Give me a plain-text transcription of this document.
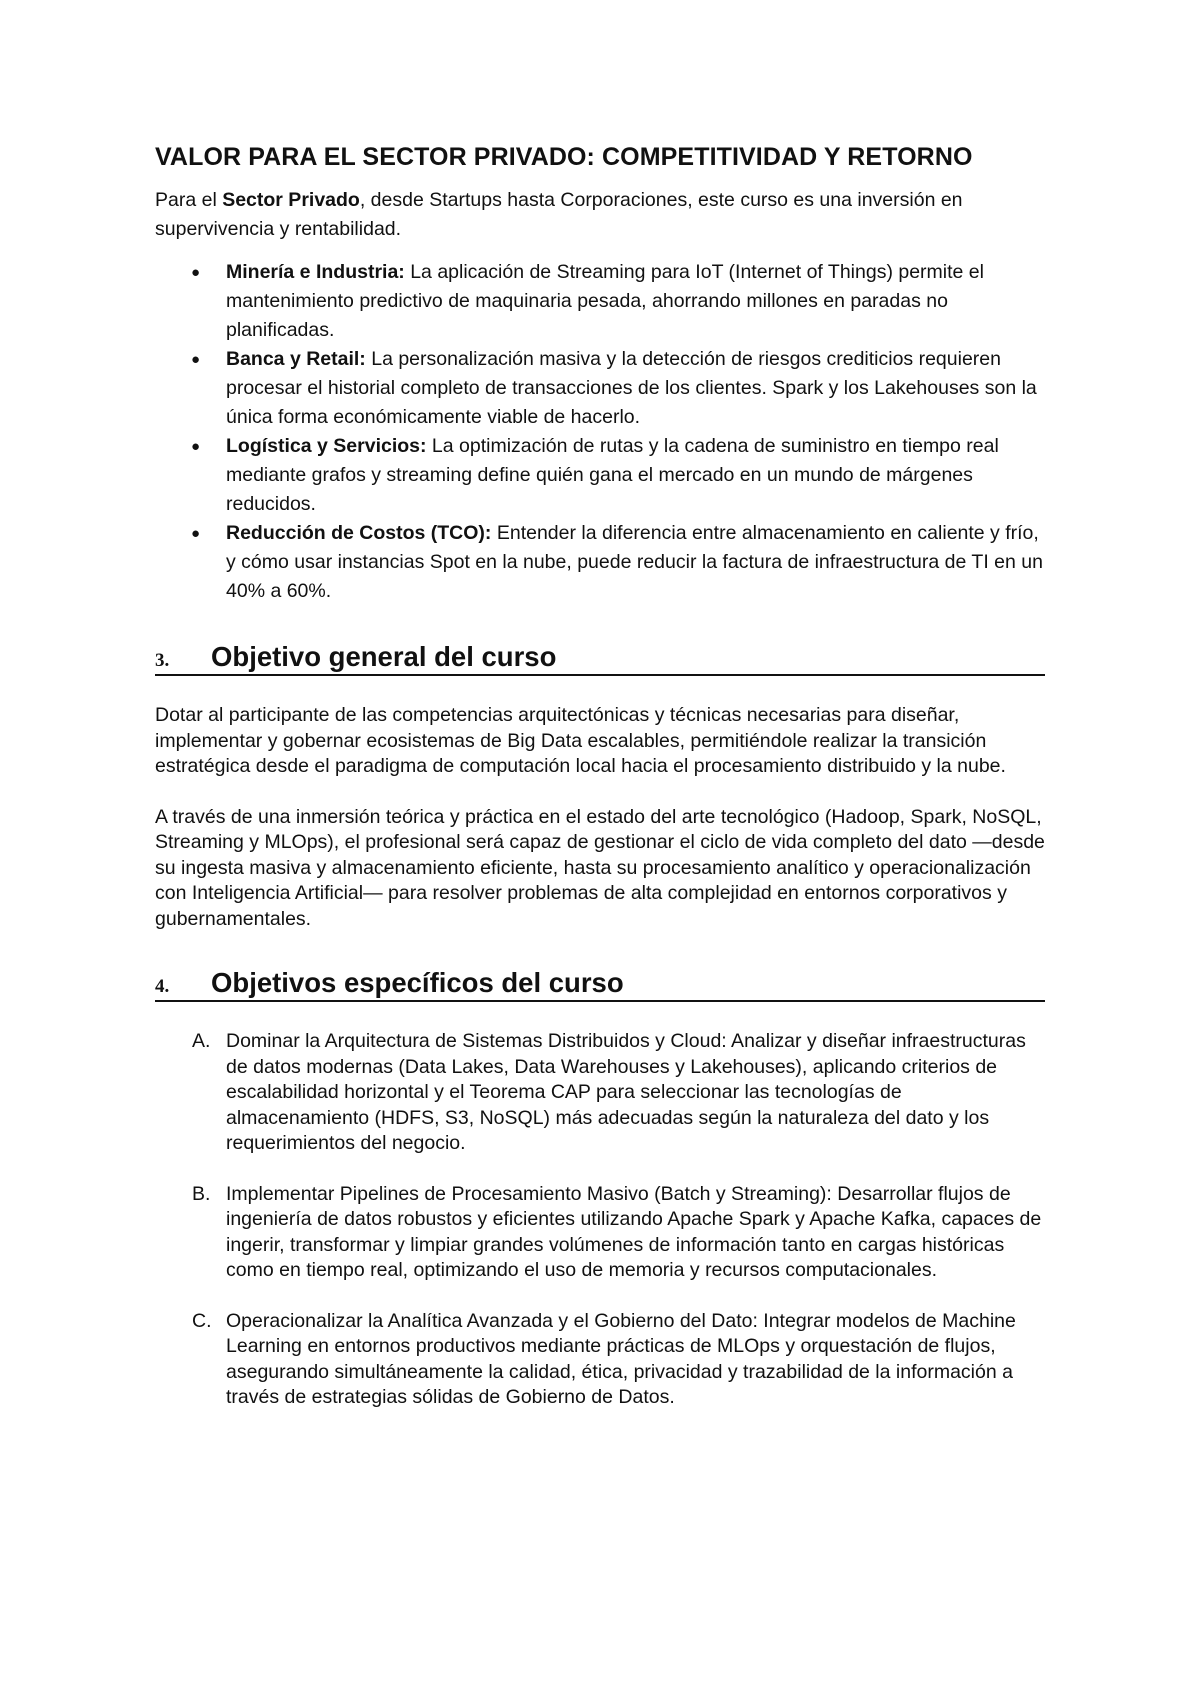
VALOR PARA EL SECTOR PRIVADO: COMPETITIVIDAD Y RETORNO

Para el Sector Privado, desde Startups hasta Corporaciones, este curso es una inversión en supervivencia y rentabilidad.

● Minería e Industria: La aplicación de Streaming para IoT (Internet of Things) permite el mantenimiento predictivo de maquinaria pesada, ahorrando millones en paradas no planificadas.
● Banca y Retail: La personalización masiva y la detección de riesgos crediticios requieren procesar el historial completo de transacciones de los clientes. Spark y los Lakehouses son la única forma económicamente viable de hacerlo.
● Logística y Servicios: La optimización de rutas y la cadena de suministro en tiempo real mediante grafos y streaming define quién gana el mercado en un mundo de márgenes reducidos.
● Reducción de Costos (TCO): Entender la diferencia entre almacenamiento en caliente y frío, y cómo usar instancias Spot en la nube, puede reducir la factura de infraestructura de TI en un 40% a 60%.
3. Objetivo general del curso

Dotar al participante de las competencias arquitectónicas y técnicas necesarias para diseñar, implementar y gobernar ecosistemas de Big Data escalables, permitiéndole realizar la transición estratégica desde el paradigma de computación local hacia el procesamiento distribuido y la nube.

A través de una inmersión teórica y práctica en el estado del arte tecnológico (Hadoop, Spark, NoSQL, Streaming y MLOps), el profesional será capaz de gestionar el ciclo de vida completo del dato —desde su ingesta masiva y almacenamiento eficiente, hasta su procesamiento analítico y operacionalización con Inteligencia Artificial— para resolver problemas de alta complejidad en entornos corporativos y gubernamentales.

4. Objetivos específicos del curso
A. Dominar la Arquitectura de Sistemas Distribuidos y Cloud: Analizar y diseñar infraestructuras de datos modernas (Data Lakes, Data Warehouses y Lakehouses), aplicando criterios de escalabilidad horizontal y el Teorema CAP para seleccionar las tecnologías de almacenamiento (HDFS, S3, NoSQL) más adecuadas según la naturaleza del dato y los requerimientos del negocio.
B. Implementar Pipelines de Procesamiento Masivo (Batch y Streaming): Desarrollar flujos de ingeniería de datos robustos y eficientes utilizando Apache Spark y Apache Kafka, capaces de ingerir, transformar y limpiar grandes volúmenes de información tanto en cargas históricas como en tiempo real, optimizando el uso de memoria y recursos computacionales.
C. Operacionalizar la Analítica Avanzada y el Gobierno del Dato: Integrar modelos de Machine Learning en entornos productivos mediante prácticas de MLOps y orquestación de flujos, asegurando simultáneamente la calidad, ética, privacidad y trazabilidad de la información a través de estrategias sólidas de Gobierno de Datos.
